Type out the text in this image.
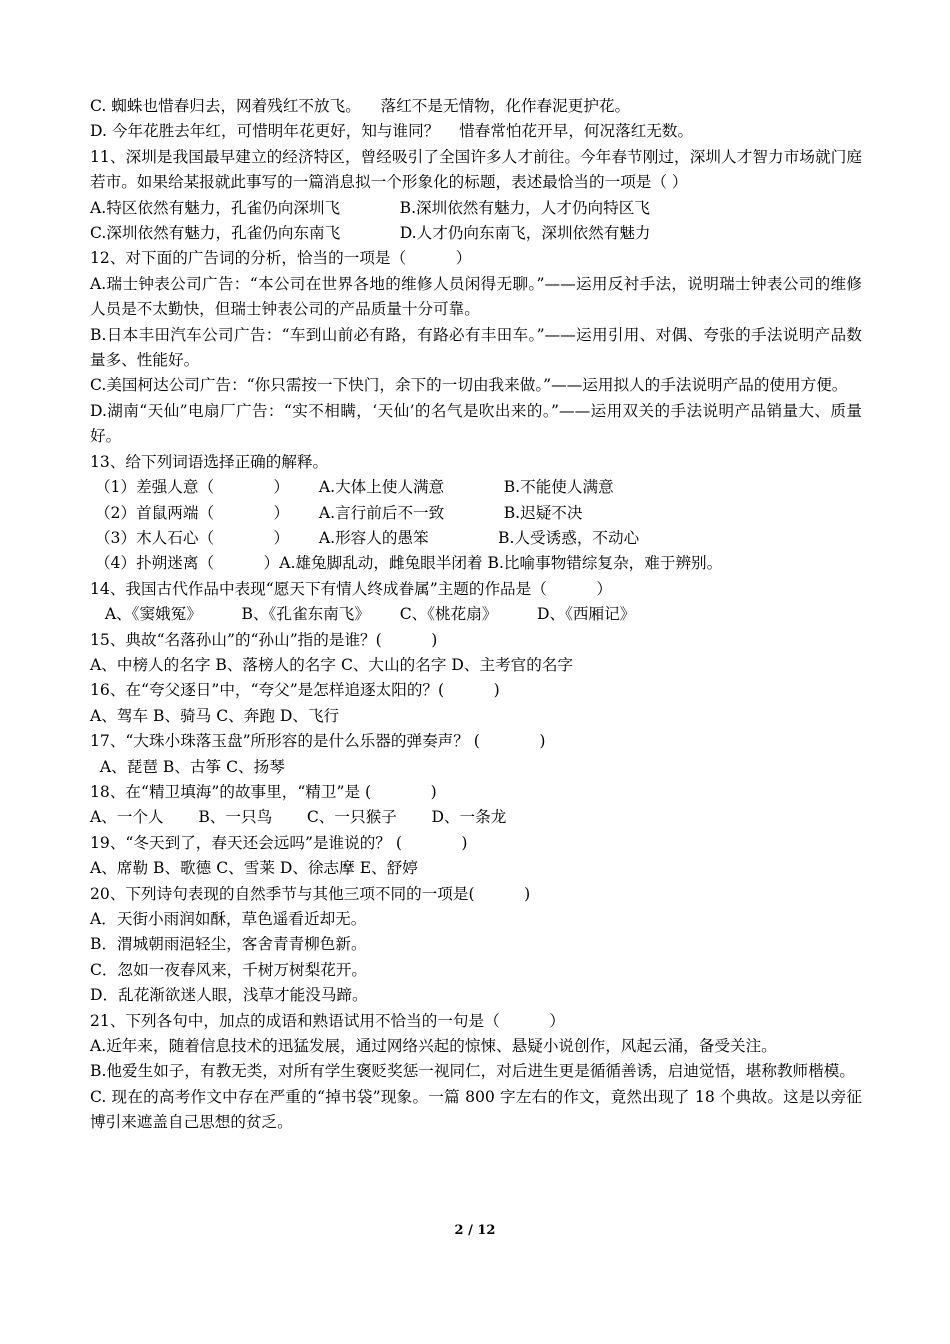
C. 蜘蛛也惜春归去，网着残红不放飞。    落红不是无情物，化作春泥更护花。

D. 今年花胜去年红，可惜明年花更好，知与谁同？    惜春常怕花开早，何况落红无数。

11、深圳是我国最早建立的经济特区，曾经吸引了全国许多人才前往。今年春节刚过，深圳人才智力市场就门庭若市。如果给某报就此事写的一篇消息拟一个形象化的标题，表述最恰当的一项是（ ）

A.特区依然有魅力，孔雀仍向深圳飞            B.深圳依然有魅力，人才仍向特区飞

C.深圳依然有魅力，孔雀仍向东南飞            D.人才仍向东南飞，深圳依然有魅力

12、对下面的广告词的分析，恰当的一项是（          ）

A.瑞士钟表公司广告：“本公司在世界各地的维修人员闲得无聊。”——运用反衬手法，说明瑞士钟表公司的维修人员是不太勤快，但瑞士钟表公司的产品质量十分可靠。

B.日本丰田汽车公司广告：“车到山前必有路，有路必有丰田车。”——运用引用、对偶、夸张的手法说明产品数量多、性能好。

C.美国柯达公司广告：“你只需按一下快门，余下的一切由我来做。”——运用拟人的手法说明产品的使用方便。

D.湖南“天仙”电扇厂广告：“实不相瞒，‘天仙’的名气是吹出来的。”——运用双关的手法说明产品销量大、质量好。

13、给下列词语选择正确的解释。

（1）差强人意（            ）      A.大体上使人满意            B.不能使人满意

（2）首鼠两端（            ）      A.言行前后不一致            B.迟疑不决

（3）木人石心（            ）      A.形容人的愚笨              B.人受诱惑，不动心

（4）扑朔迷离（          ）A.雄兔脚乱动，雌兔眼半闭着 B.比喻事物错综复杂，难于辨别。

14、我国古代作品中表现“愿天下有情人终成眷属”主题的作品是（          ）

A、《窦娥冤》        B、《孔雀东南飞》      C、《桃花扇》        D、《西厢记》

15、典故“名落孙山”的“孙山”指的是谁？(          )

A、中榜人的名字 B、落榜人的名字 C、大山的名字 D、主考官的名字

16、在“夸父逐日”中，“夸父”是怎样追逐太阳的？(          )

A、驾车 B、骑马 C、奔跑 D、飞行

17、“大珠小珠落玉盘”所形容的是什么乐器的弹奏声？ (            )

A、琵琶 B、古筝 C、扬琴

18、在“精卫填海”的故事里，“精卫”是 (            )

A、一个人       B、一只鸟       C、一只猴子       D、一条龙

19、“冬天到了，春天还会远吗”是谁说的？ (            )

A、席勒 B、歌德 C、雪莱 D、徐志摩 E、舒婷

20、下列诗句表现的自然季节与其他三项不同的一项是(          )

A．天街小雨润如酥，草色遥看近却无。

B．渭城朝雨浥轻尘，客舍青青柳色新。

C．忽如一夜春风来，千树万树梨花开。

D．乱花渐欲迷人眼，浅草才能没马蹄。

21、下列各句中，加点的成语和熟语试用不恰当的一句是（          ）

A.近年来，随着信息技术的迅猛发展，通过网络兴起的惊悚、悬疑小说创作，风起云涌，备受关注。

B.他爱生如子，有教无类，对所有学生褒贬奖惩一视同仁，对后进生更是循循善诱，启迪觉悟，堪称教师楷模。

C. 现在的高考作文中存在严重的“掉书袋”现象。一篇 800 字左右的作文，竟然出现了 18 个典故。这是以旁征博引来遮盖自己思想的贫乏。

2 / 12
